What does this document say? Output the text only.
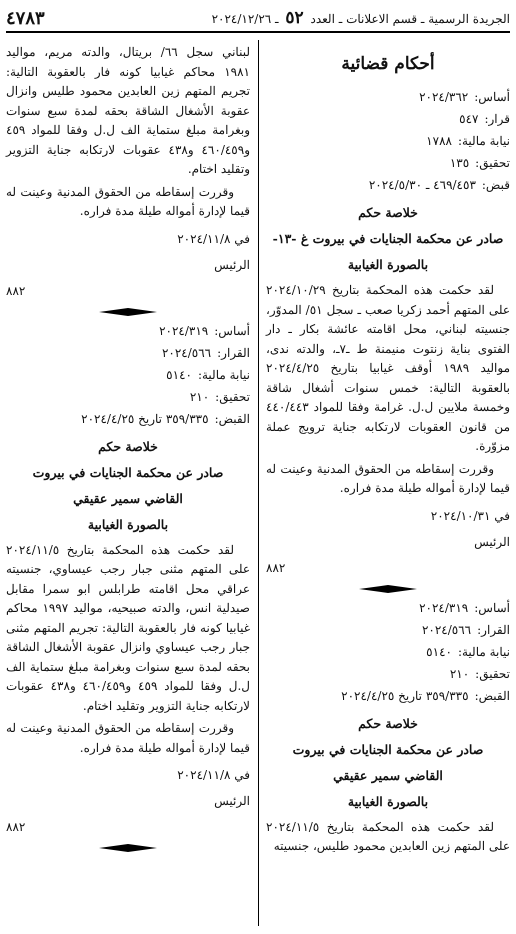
الجريدة الرسمية ـ قسم الاعلانات ـ العدد ٥٢ ـ ٢٠٢٤/١٢/٢٦
٤٧٨٣
أحكام قضائية
أساس:
٢٠٢٤/٣٦٢
قرار:
٥٤٧
نيابة مالية:
١٧٨٨
تحقيق:
١٣٥
قبض:
٤٦٩/٤٥٣ ـ ٢٠٢٤/٥/٣٠
خلاصة حكم
صادر عن محكمة الجنايات في بيروت غ -١٣-
بالصورة الغيابية
لقد حكمت هذه المحكمة بتاريخ ٢٠٢٤/١٠/٢٩ على المتهم أحمد زكريا صعب ـ سجل ٥١/ المدوّر، جنسيته لبناني، محل اقامته عائشة بكار ـ دار الفتوى بناية زنتوت منيمنة ط ـ٧ـ، والدته ندى، مواليد ١٩٨٩ أوقف غيابيا بتاريخ ٢٠٢٤/٤/٢٥ بالعقوبة التالية: خمس سنوات أشغال شاقة وخمسة ملايين ل.ل. غرامة وفقا للمواد ٤٤٠/٤٤٣ من قانون العقوبات لارتكابه جناية ترويج عملة مزوّرة.
وقررت إسقاطه من الحقوق المدنية وعينت له قيما لإدارة أمواله طيلة مدة فراره.
في ٢٠٢٤/١٠/٣١
الرئيس
٨٨٢
أساس:
٢٠٢٤/٣١٩
القرار:
٢٠٢٤/٥٦٦
نيابة مالية:
٥١٤٠
تحقيق:
٢١٠
القبض:
٣٥٩/٣٣٥ تاريخ ٢٠٢٤/٤/٢٥
خلاصة حكم
صادر عن محكمة الجنايات في بيروت
القاضي سمير عقيقي
بالصورة الغيابية
لقد حكمت هذه المحكمة بتاريخ ٢٠٢٤/١١/٥ على المتهم زين العابدين محمود طليس، جنسيته
لبناني سجل ٦٦/ بريتال، والدته مريم، مواليد ١٩٨١ محاكم غيابيا كونه فار بالعقوبة التالية: تجريم المتهم زين العابدين محمود طليس وانزال عقوبة الأشغال الشاقة بحقه لمدة سبع سنوات وبغرامة مبلغ ستماية الف ل.ل وفقا للمواد ٤٥٩ و٤٦٠/٤٥٩ و٤٣٨ عقوبات لارتكابه جناية التزوير وتقليد اختام.
وقررت إسقاطه من الحقوق المدنية وعينت له قيما لإدارة أمواله طيلة مدة فراره.
في ٢٠٢٤/١١/٨
الرئيس
٨٨٢
أساس:
٢٠٢٤/٣١٩
القرار:
٢٠٢٤/٥٦٦
نيابة مالية:
٥١٤٠
تحقيق:
٢١٠
القبض:
٣٥٩/٣٣٥ تاريخ ٢٠٢٤/٤/٢٥
خلاصة حكم
صادر عن محكمة الجنايات في بيروت
القاضي سمير عقيقي
بالصورة الغيابية
لقد حكمت هذه المحكمة بتاريخ ٢٠٢٤/١١/٥ على المتهم مثنى جبار رجب عيساوي، جنسيته عراقي محل اقامته طرابلس ابو سمرا مقابل صيدلية انس، والدته صبيحيه، مواليد ١٩٩٧ محاكم غيابيا كونه فار بالعقوبة التالية: تجريم المتهم مثنى جبار رجب عيساوي وانزال عقوبة الأشغال الشاقة بحقه لمدة سبع سنوات وبغرامة مبلغ ستماية الف ل.ل وفقا للمواد ٤٥٩ و٤٦٠/٤٥٩ و٤٣٨ عقوبات لارتكابه جناية التزوير وتقليد اختام.
وقررت إسقاطه من الحقوق المدنية وعينت له قيما لإدارة أمواله طيلة مدة فراره.
في ٢٠٢٤/١١/٨
الرئيس
٨٨٢
